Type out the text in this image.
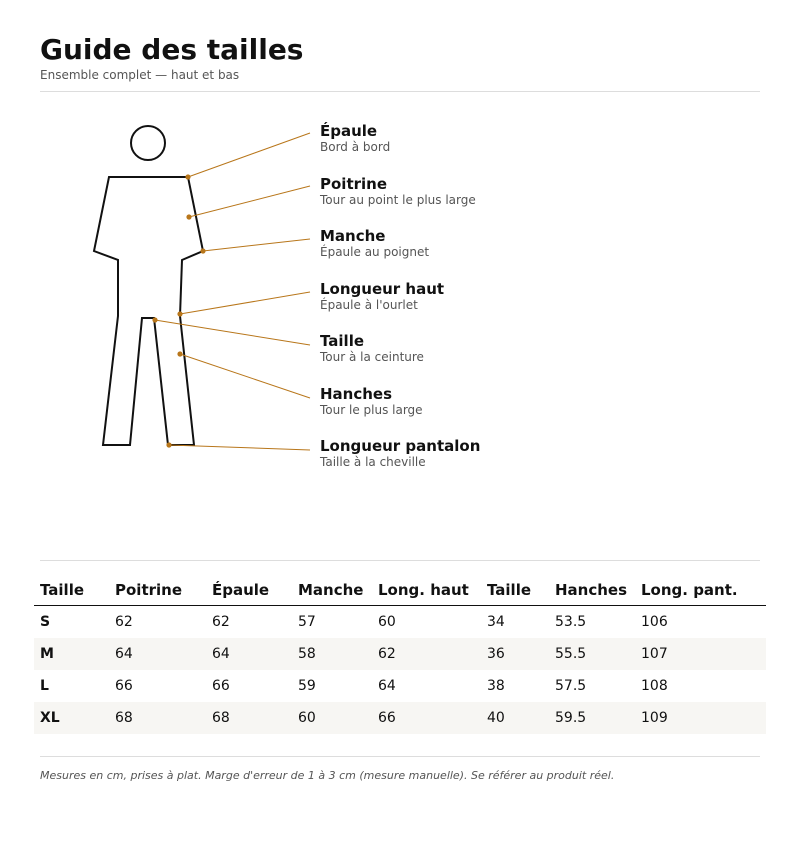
Guide des tailles
Ensemble complet — haut et bas
Épaule
Bord à bord
Poitrine
Tour au point le plus large
Manche
Épaule au poignet
Longueur haut
Épaule à l'ourlet
Taille
Tour à la ceinture
Hanches
Tour le plus large
Longueur pantalon
Taille à la cheville
Taille	Poitrine	Épaule	Manche	Long. haut	Taille	Hanches	Long. pant.
S	62	62	57	60	34	53.5	106
M	64	64	58	62	36	55.5	107
L	66	66	59	64	38	57.5	108
XL	68	68	60	66	40	59.5	109
Mesures en cm, prises à plat. Marge d'erreur de 1 à 3 cm (mesure manuelle). Se référer au produit réel.
